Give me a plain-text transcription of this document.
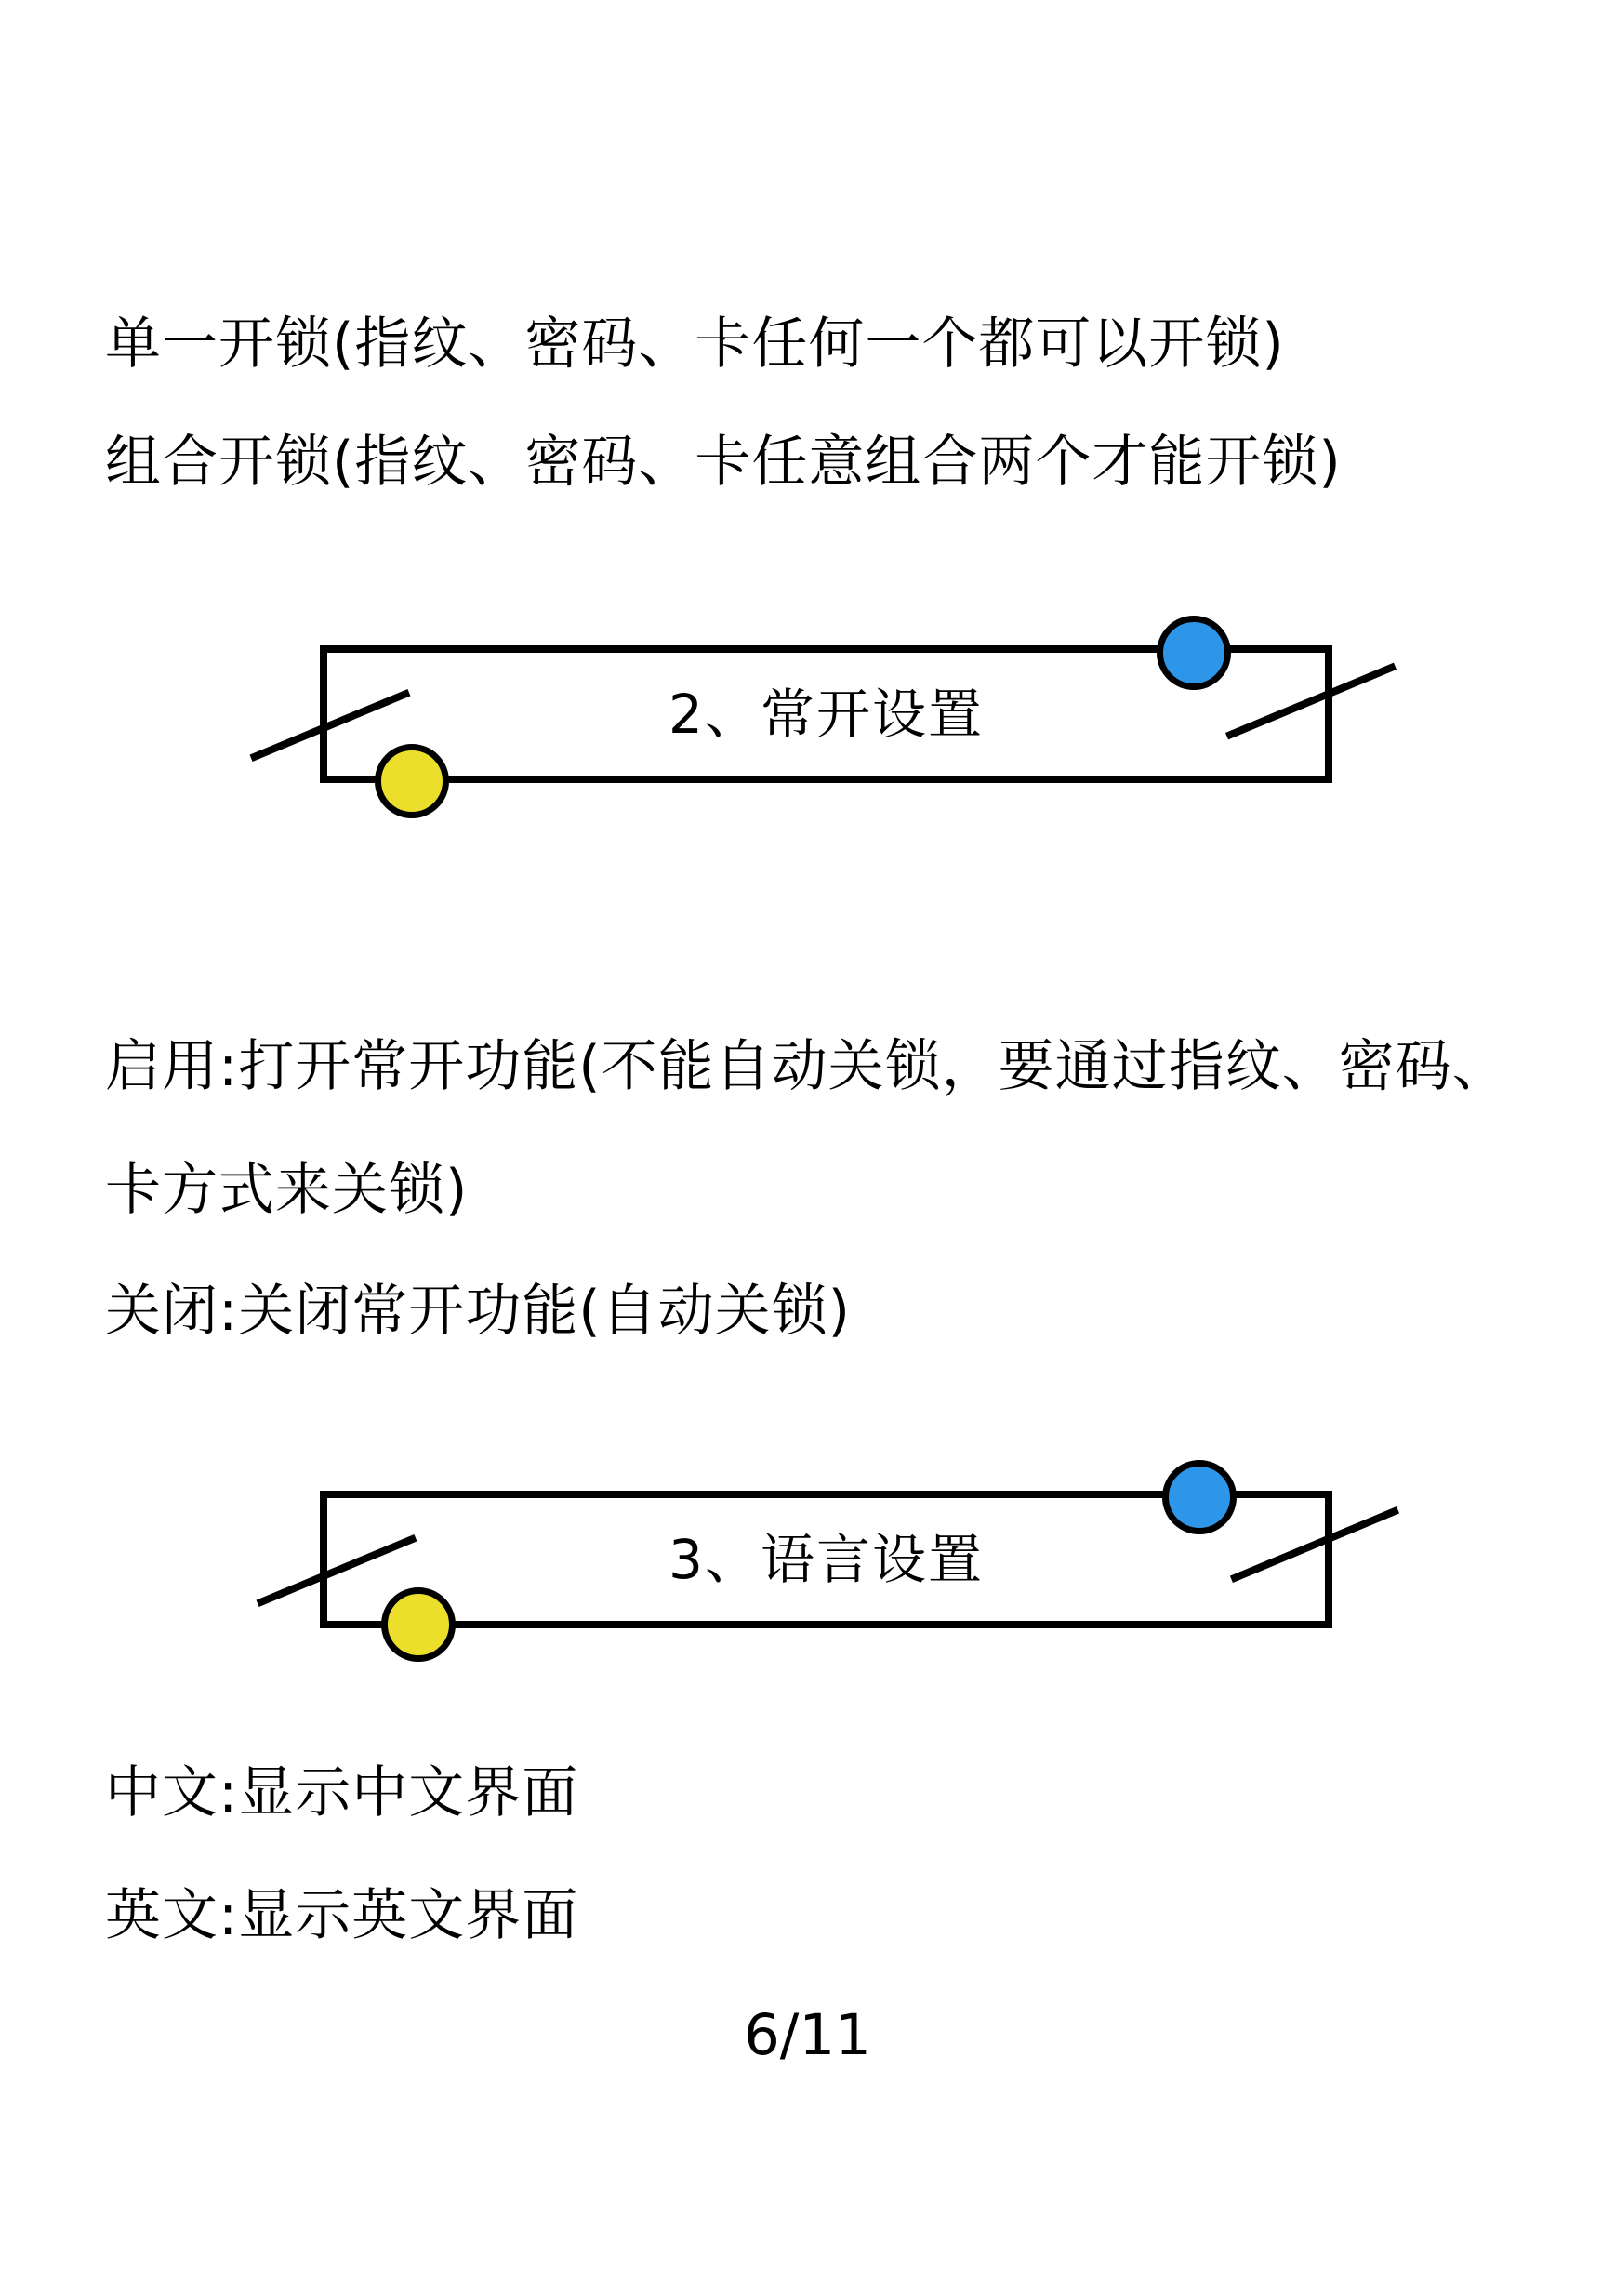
单一开锁(指纹、密码、卡任何一个都可以开锁)

组合开锁(指纹、密码、卡任意组合两个才能开锁)

2、常开设置

启用:打开常开功能(不能自动关锁，要通过指纹、密码、

卡方式来关锁)

关闭:关闭常开功能(自动关锁)

3、语言设置

中文:显示中文界面

英文:显示英文界面

6/11
